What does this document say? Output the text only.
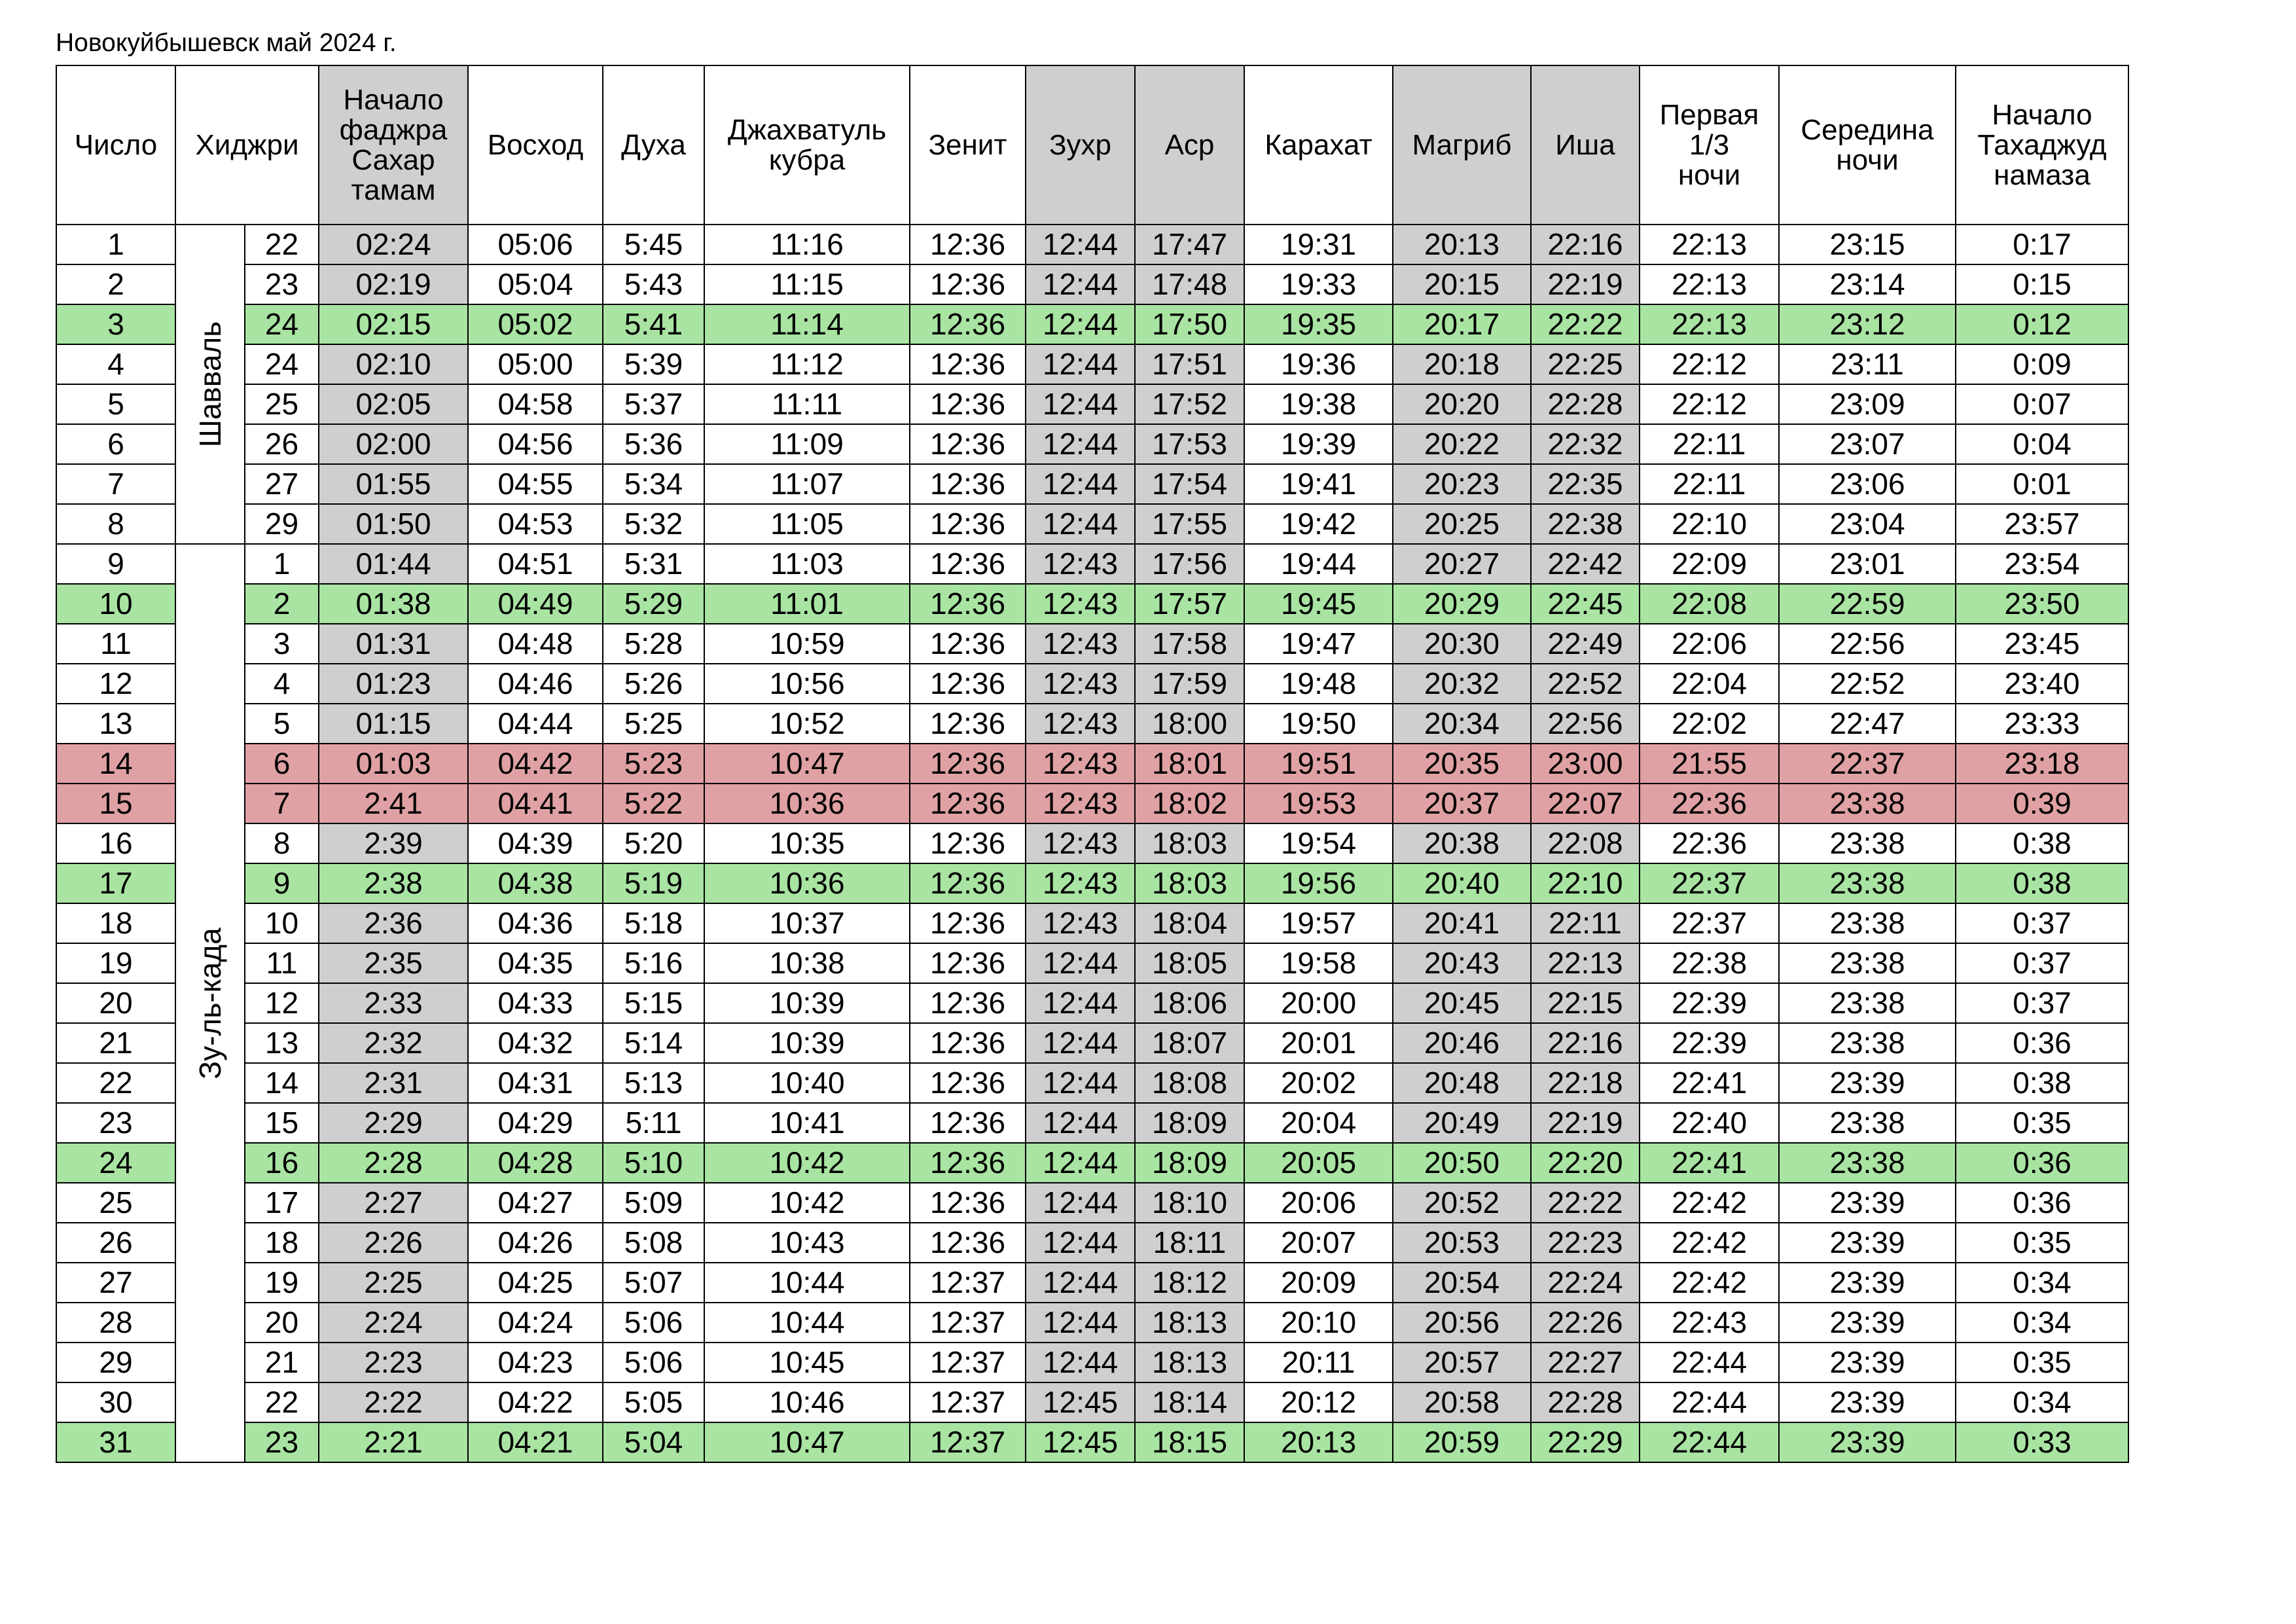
Новокуйбышевск май 2024 г.
Число	Хиджри		Начало
фаджра
Сахар
тамам	Восход	Духа	Джахватуль
кубра	Зенит	Зухр	Аср	Карахат	Магриб	Иша	Первая
1/3
ночи	Середина
ночи	Начало
Тахаджуд
намаза
1	Шавваль	22	02:24	05:06	5:45	11:16	12:36	12:44	17:47	19:31	20:13	22:16	22:13	23:15	0:17
2		23	02:19	05:04	5:43	11:15	12:36	12:44	17:48	19:33	20:15	22:19	22:13	23:14	0:15
3		24	02:15	05:02	5:41	11:14	12:36	12:44	17:50	19:35	20:17	22:22	22:13	23:12	0:12
4		24	02:10	05:00	5:39	11:12	12:36	12:44	17:51	19:36	20:18	22:25	22:12	23:11	0:09
5		25	02:05	04:58	5:37	11:11	12:36	12:44	17:52	19:38	20:20	22:28	22:12	23:09	0:07
6		26	02:00	04:56	5:36	11:09	12:36	12:44	17:53	19:39	20:22	22:32	22:11	23:07	0:04
7		27	01:55	04:55	5:34	11:07	12:36	12:44	17:54	19:41	20:23	22:35	22:11	23:06	0:01
8		29	01:50	04:53	5:32	11:05	12:36	12:44	17:55	19:42	20:25	22:38	22:10	23:04	23:57
9	Зу-ль-када	1	01:44	04:51	5:31	11:03	12:36	12:43	17:56	19:44	20:27	22:42	22:09	23:01	23:54
10		2	01:38	04:49	5:29	11:01	12:36	12:43	17:57	19:45	20:29	22:45	22:08	22:59	23:50
11		3	01:31	04:48	5:28	10:59	12:36	12:43	17:58	19:47	20:30	22:49	22:06	22:56	23:45
12		4	01:23	04:46	5:26	10:56	12:36	12:43	17:59	19:48	20:32	22:52	22:04	22:52	23:40
13		5	01:15	04:44	5:25	10:52	12:36	12:43	18:00	19:50	20:34	22:56	22:02	22:47	23:33
14		6	01:03	04:42	5:23	10:47	12:36	12:43	18:01	19:51	20:35	23:00	21:55	22:37	23:18
15		7	2:41	04:41	5:22	10:36	12:36	12:43	18:02	19:53	20:37	22:07	22:36	23:38	0:39
16		8	2:39	04:39	5:20	10:35	12:36	12:43	18:03	19:54	20:38	22:08	22:36	23:38	0:38
17		9	2:38	04:38	5:19	10:36	12:36	12:43	18:03	19:56	20:40	22:10	22:37	23:38	0:38
18		10	2:36	04:36	5:18	10:37	12:36	12:43	18:04	19:57	20:41	22:11	22:37	23:38	0:37
19		11	2:35	04:35	5:16	10:38	12:36	12:44	18:05	19:58	20:43	22:13	22:38	23:38	0:37
20		12	2:33	04:33	5:15	10:39	12:36	12:44	18:06	20:00	20:45	22:15	22:39	23:38	0:37
21		13	2:32	04:32	5:14	10:39	12:36	12:44	18:07	20:01	20:46	22:16	22:39	23:38	0:36
22		14	2:31	04:31	5:13	10:40	12:36	12:44	18:08	20:02	20:48	22:18	22:41	23:39	0:38
23		15	2:29	04:29	5:11	10:41	12:36	12:44	18:09	20:04	20:49	22:19	22:40	23:38	0:35
24		16	2:28	04:28	5:10	10:42	12:36	12:44	18:09	20:05	20:50	22:20	22:41	23:38	0:36
25		17	2:27	04:27	5:09	10:42	12:36	12:44	18:10	20:06	20:52	22:22	22:42	23:39	0:36
26		18	2:26	04:26	5:08	10:43	12:36	12:44	18:11	20:07	20:53	22:23	22:42	23:39	0:35
27		19	2:25	04:25	5:07	10:44	12:37	12:44	18:12	20:09	20:54	22:24	22:42	23:39	0:34
28		20	2:24	04:24	5:06	10:44	12:37	12:44	18:13	20:10	20:56	22:26	22:43	23:39	0:34
29		21	2:23	04:23	5:06	10:45	12:37	12:44	18:13	20:11	20:57	22:27	22:44	23:39	0:35
30		22	2:22	04:22	5:05	10:46	12:37	12:45	18:14	20:12	20:58	22:28	22:44	23:39	0:34
31		23	2:21	04:21	5:04	10:47	12:37	12:45	18:15	20:13	20:59	22:29	22:44	23:39	0:33
